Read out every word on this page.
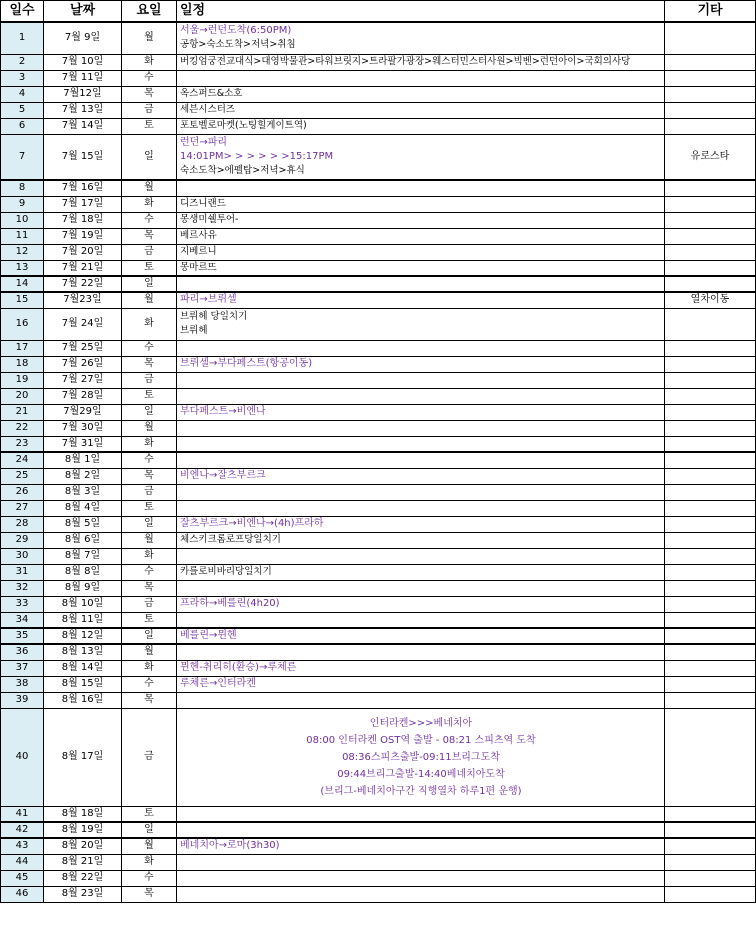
일수	날짜	요일	일정	기타
1	7월 9일	월	서울→런던도착(6:50PM)
공항>숙소도착>저녁>취침	

2	7월 10일	화	버킹엄궁전교대식>대영박물관>타워브릿지>트라팔가광장>웨스터민스터사원>빅벤>런던아이>국회의사당	

3	7월 11일	수		
4	7월12일	목	옥스퍼드&소호	

5	7월 13일	금	세븐시스터즈	

6	7월 14일	토	포토벨로마켓(노팅힐게이트역)	

7	7월 15일	일	런던→파리
14:01PM> > > > > >15:17PM
숙소도착>에펠탑>저녁>휴식	유로스타
8	7월 16일	월		
9	7월 17일	화	디즈니랜드	

10	7월 18일	수	몽생미쉘투어-	

11	7월 19일	목	베르사유	

12	7월 20일	금	지베르니	

13	7월 21일	토	몽마르뜨	

14	7월 22일	일		
15	7월23일	월	파리→브뤼셀	열차이동
16	7월 24일	화	브뤼헤 당일치기
브뤼헤	

17	7월 25일	수		
18	7월 26일	목	브뤼셀→부다페스트(항공이동)	

19	7월 27일	금		
20	7월 28일	토		
21	7월29일	일	부다페스트→비엔나	

22	7월 30일	월		
23	7월 31일	화		
24	8월 1일	수		
25	8월 2일	목	비엔나→잘츠부르크	

26	8월 3일	금		
27	8월 4일	토		
28	8월 5일	일	잘츠부르크→비엔나→(4h)프라하	

29	8월 6일	월	체스키크롬로프당일치기	

30	8월 7일	화		
31	8월 8일	수	카를로비바리당일치기	

32	8월 9일	목		
33	8월 10일	금	프라하→베를린(4h20)	

34	8월 11일	토		
35	8월 12일	일	베를린→뮌헨	

36	8월 13일	월		
37	8월 14일	화	뮌헨-취리히(환승)→루체른	

38	8월 15일	수	루체른→인터라켄	

39	8월 16일	목		
40	8월 17일	금	인터라켄>>>베네치아
08:00 인터라켄 OST역 출발 - 08:21 스피츠역 도착
08:36스피츠출발-09:11브리그도착
09:44브리그출발-14:40베네치아도착
(브리그-베네치아구간 직행열차 하루1편 운행)	

41	8월 18일	토		
42	8월 19일	일		
43	8월 20일	월	베네치아→로마(3h30)	

44	8월 21일	화		
45	8월 22일	수		
46	8월 23일	목		
